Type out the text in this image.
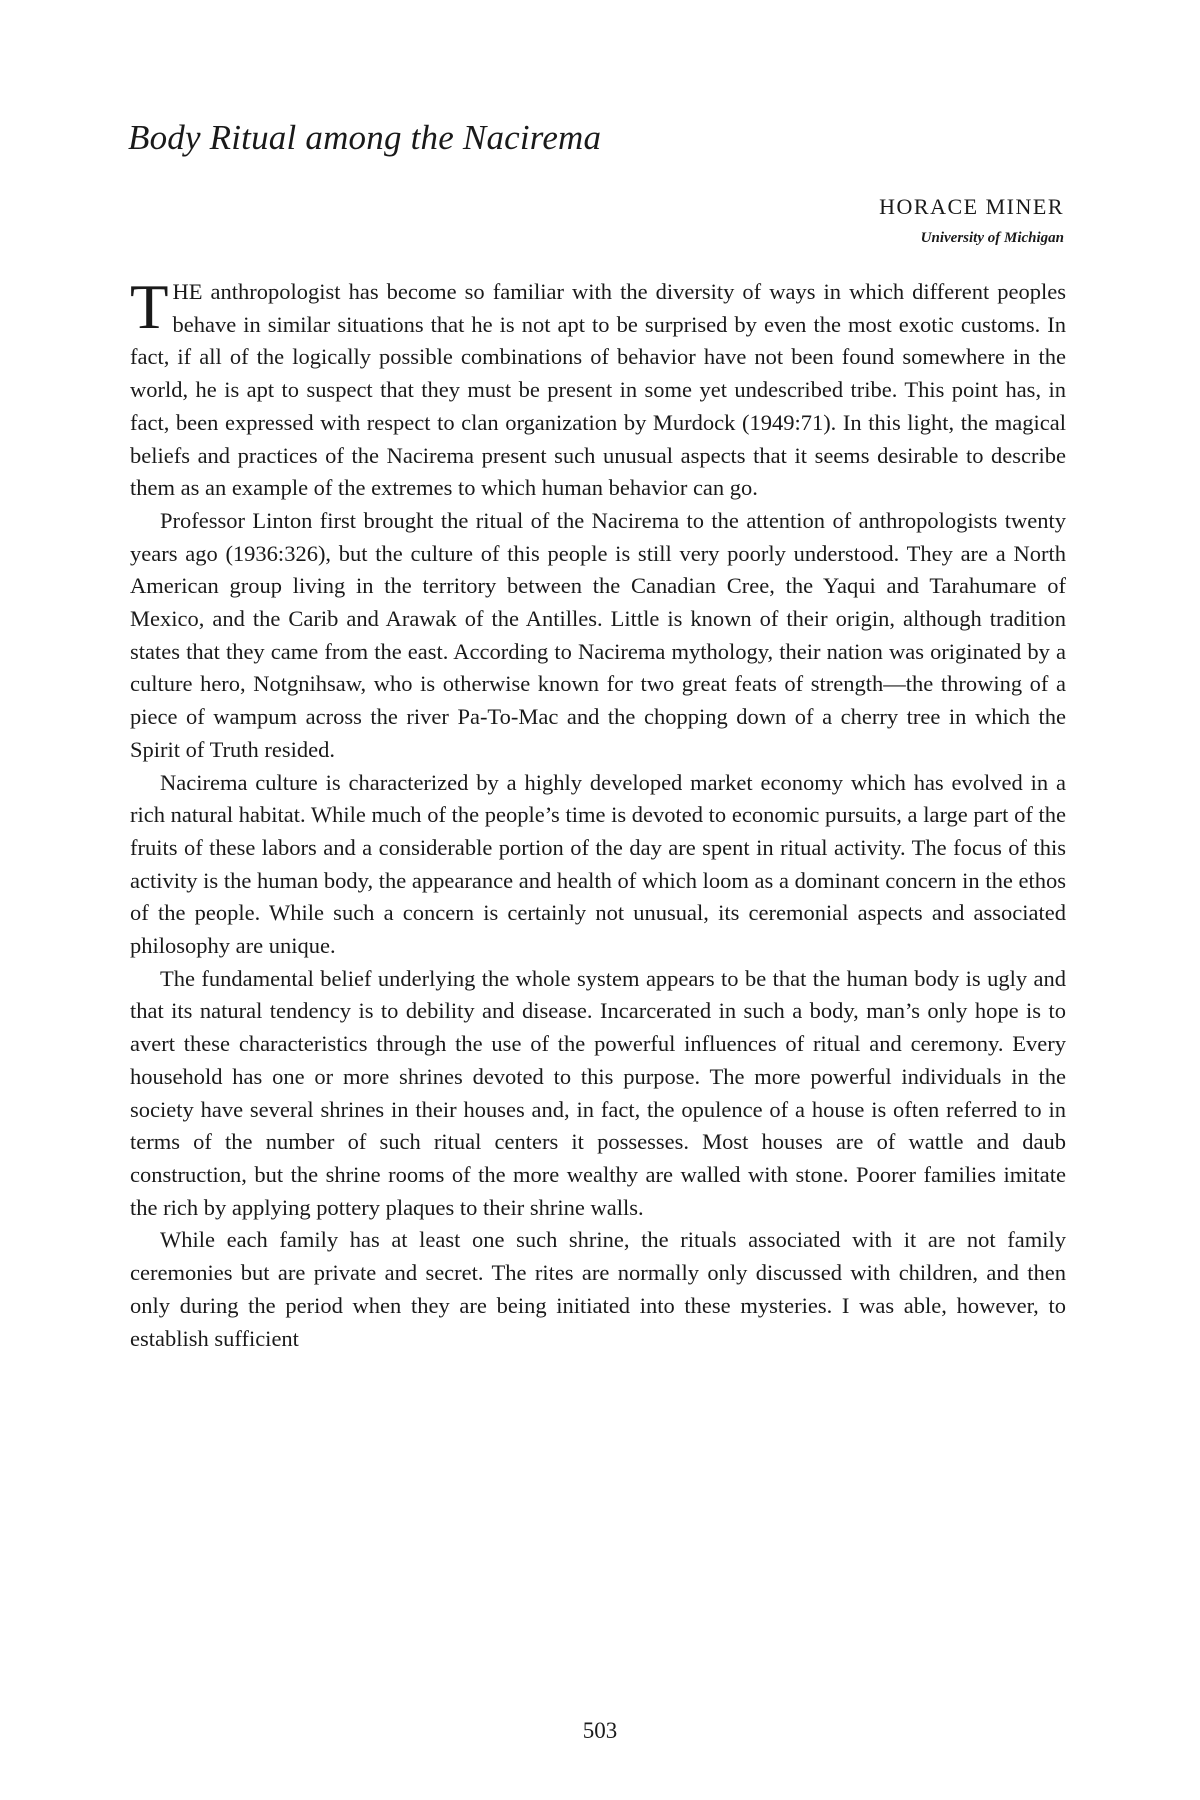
Body Ritual among the Nacirema
HORACE MINER
University of Michigan

THE anthropologist has become so familiar with the diversity of ways in which different peoples behave in similar situations that he is not apt to be surprised by even the most exotic customs. In fact, if all of the logically possible combinations of behavior have not been found somewhere in the world, he is apt to suspect that they must be present in some yet undescribed tribe. This point has, in fact, been expressed with respect to clan organization by Murdock (1949:71). In this light, the magical beliefs and practices of the Nacirema present such unusual aspects that it seems desirable to describe them as an example of the extremes to which human behavior can go.

Professor Linton first brought the ritual of the Nacirema to the attention of anthropologists twenty years ago (1936:326), but the culture of this people is still very poorly understood. They are a North American group living in the territory between the Canadian Cree, the Yaqui and Tarahumare of Mexico, and the Carib and Arawak of the Antilles. Little is known of their origin, although tradition states that they came from the east. According to Nacirema mythology, their nation was originated by a culture hero, Notgnihsaw, who is otherwise known for two great feats of strength—the throwing of a piece of wampum across the river Pa-To-Mac and the chopping down of a cherry tree in which the Spirit of Truth resided.

Nacirema culture is characterized by a highly developed market economy which has evolved in a rich natural habitat. While much of the people’s time is devoted to economic pursuits, a large part of the fruits of these labors and a considerable portion of the day are spent in ritual activity. The focus of this activity is the human body, the appearance and health of which loom as a dominant concern in the ethos of the people. While such a concern is certainly not unusual, its ceremonial aspects and associated philosophy are unique.

The fundamental belief underlying the whole system appears to be that the human body is ugly and that its natural tendency is to debility and disease. Incarcerated in such a body, man’s only hope is to avert these characteristics through the use of the powerful influences of ritual and ceremony. Every household has one or more shrines devoted to this purpose. The more powerful individuals in the society have several shrines in their houses and, in fact, the opulence of a house is often referred to in terms of the number of such ritual centers it possesses. Most houses are of wattle and daub construction, but the shrine rooms of the more wealthy are walled with stone. Poorer families imitate the rich by applying pottery plaques to their shrine walls.

While each family has at least one such shrine, the rituals associated with it are not family ceremonies but are private and secret. The rites are normally only discussed with children, and then only during the period when they are being initiated into these mysteries. I was able, however, to establish sufficient

503
